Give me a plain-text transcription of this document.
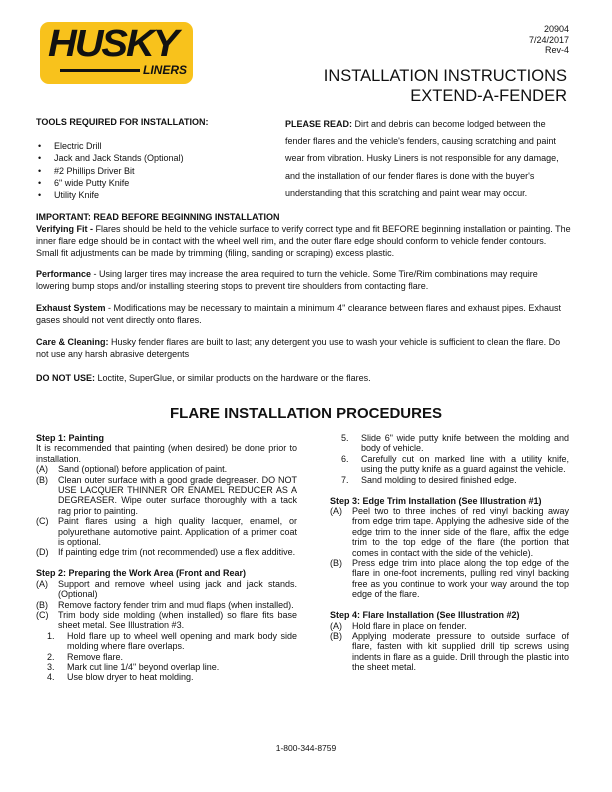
HUSKY
LINERS
20904
7/24/2017
Rev-4
INSTALLATION INSTRUCTIONS
EXTEND-A-FENDER
TOOLS REQUIRED FOR INSTALLATION:
•	Electric Drill
•	Jack and Jack Stands (Optional)
•	#2 Phillips Driver Bit
•	6" wide Putty Knife
•	Utility Knife
PLEASE READ: Dirt and debris can become lodged between the fender flares and the vehicle's fenders, causing scratching and paint wear from vibration. Husky Liners is not responsible for any damage, and the installation of our fender flares is done with the buyer's understanding that this scratching and paint wear may occur.
IMPORTANT: READ BEFORE BEGINNING INSTALLATION
Verifying Fit - Flares should be held to the vehicle surface to verify correct type and fit BEFORE beginning installation or painting. The inner flare edge should be in contact with the wheel well rim, and the outer flare edge should conform to vehicle fender contours. Small fit adjustments can be made by trimming (filing, sanding or scraping) excess plastic.
Performance - Using larger tires may increase the area required to turn the vehicle. Some Tire/Rim combinations may require lowering bump stops and/or installing steering stops to prevent tire shoulders from contacting flare.
Exhaust System - Modifications may be necessary to maintain a minimum 4" clearance between flares and exhaust pipes. Exhaust gases should not vent directly onto flares.
Care & Cleaning: Husky fender flares are built to last; any detergent you use to wash your vehicle is sufficient to clean the flare. Do not use any harsh abrasive detergents
DO NOT USE: Loctite, SuperGlue, or similar products on the hardware or the flares.
FLARE INSTALLATION PROCEDURES
Step 1: Painting
It is recommended that painting (when desired) be done prior to installation.
(A)	Sand (optional) before application of paint.
(B)	Clean outer surface with a good grade degreaser. DO NOT USE LACQUER THINNER OR ENAMEL REDUCER AS A DEGREASER. Wipe outer surface thoroughly with a tack rag prior to painting.
(C)	Paint flares using a high quality lacquer, enamel, or polyurethane automotive paint. Application of a primer coat is optional.
(D)	If painting edge trim (not recommended) use a flex additive.
Step 2: Preparing the Work Area (Front and Rear)
(A)	Support and remove wheel using jack and jack stands. (Optional)
(B)	Remove factory fender trim and mud flaps (when installed).
(C)	Trim body side molding (when installed) so flare fits base sheet metal. See Illustration #3.
1.	Hold flare up to wheel well opening and mark body side molding where flare overlaps.
2.	Remove flare.
3.	Mark cut line 1/4" beyond overlap line.
4.	Use blow dryer to heat molding.
5.	Slide 6" wide putty knife between the molding and body of vehicle.
6.	Carefully cut on marked line with a utility knife, using the putty knife as a guard against the vehicle.
7.	Sand molding to desired finished edge.
Step 3: Edge Trim Installation (See Illustration #1)
(A)	Peel two to three inches of red vinyl backing away from edge trim tape. Applying the adhesive side of the edge trim to the inner side of the flare, affix the edge trim to the top edge of the flare (the portion that comes in contact with the side of the vehicle).
(B)	Press edge trim into place along the top edge of the flare in one-foot increments, pulling red vinyl backing free as you continue to work your way around the top edge of the flare.
Step 4: Flare Installation (See Illustration #2)
(A)	Hold flare in place on fender.
(B)	Applying moderate pressure to outside surface of flare, fasten with kit supplied drill tip screws using indents in flare as a guide. Drill through the plastic into the sheet metal.
1-800-344-8759
